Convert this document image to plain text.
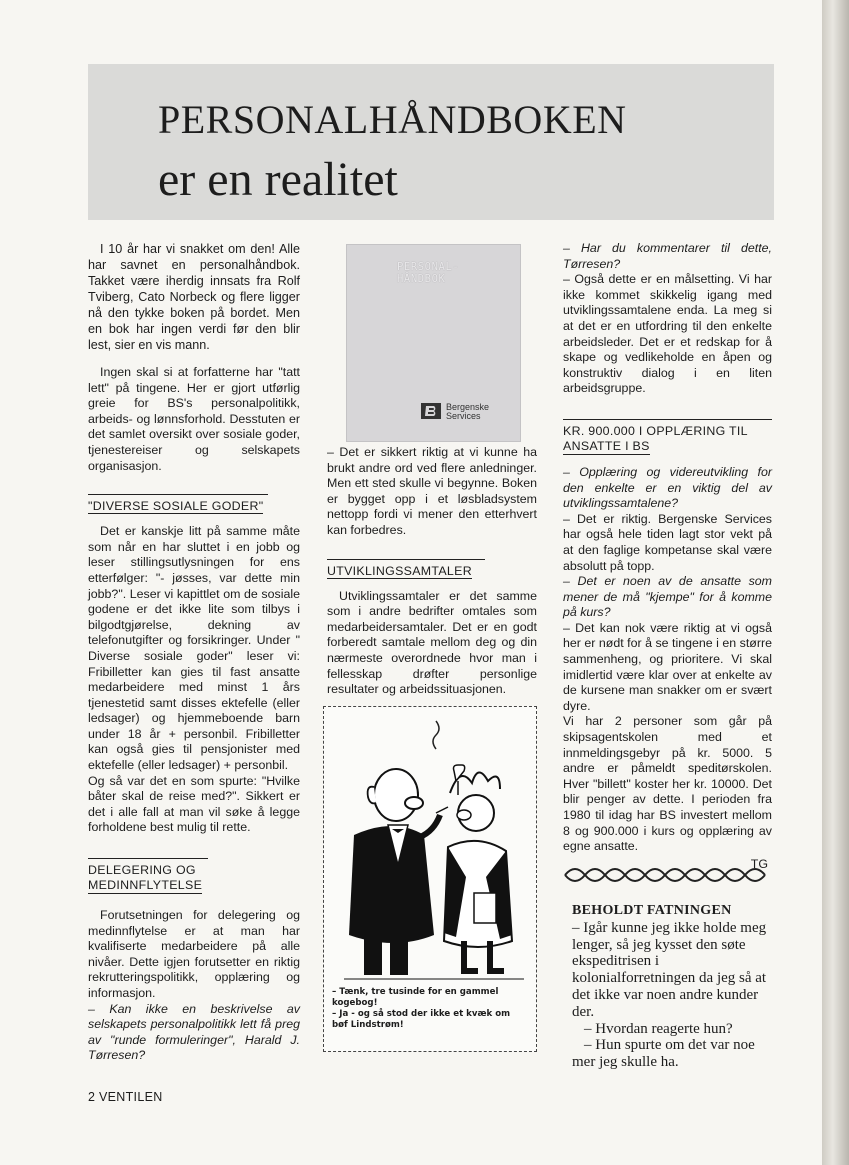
PERSONALHÅNDBOKEN
er en realitet

I 10 år har vi snakket om den! Alle har savnet en personalhåndbok. Takket være iherdig innsats fra Rolf Tviberg, Cato Norbeck og flere ligger nå den tykke boken på bordet. Men en bok har ingen verdi før den blir lest, sier en vis mann.

Ingen skal si at forfatterne har "tatt lett" på tingene. Her er gjort utførlig greie for BS's personalpolitikk, arbeids- og lønnsforhold. Desstuten er det samlet oversikt over sosiale goder, tjenestereiser og selskapets organisasjon.

"DIVERSE SOSIALE GODER"

Det er kanskje litt på samme måte som når en har sluttet i en jobb og leser stillingsutlysningen for ens etterfølger: "- jøsses, var dette min jobb?". Leser vi kapittlet om de sosiale godene er det ikke lite som tilbys i bilgodtgjørelse, dekning av telefonutgifter og forsikringer. Under " Diverse sosiale goder" leser vi: Fribilletter kan gies til fast ansatte medarbeidere med minst 1 års tjenestetid samt disses ektefelle (eller ledsager) og hjemmeboende barn under 18 år + personbil. Fribilletter kan også gies til pensjonister med ektefelle (eller ledsager) + personbil.

Og så var det en som spurte: "Hvilke båter skal de reise med?". Sikkert er det i alle fall at man vil søke å legge forholdene best mulig til rette.

DELEGERING OG
MEDINNFLYTELSE

Forutsetningen for delegering og medinnflytelse er at man har kvalifiserte medarbeidere på alle nivåer. Dette igjen forutsetter en riktig rekrutteringspolitikk, opplæring og informasjon.

– Kan ikke en beskrivelse av selskapets personalpolitikk lett få preg av "runde formuleringer", Harald J. Tørresen?

PERSONAL-
HÅNDBOK
Bergenske
Services

– Det er sikkert riktig at vi kunne ha brukt andre ord ved flere anledninger. Men ett sted skulle vi begynne. Boken er bygget opp i et løsbladsystem nettopp fordi vi mener den etterhvert kan forbedres.

UTVIKLINGSSAMTALER

Utviklingssamtaler er det samme som i andre bedrifter omtales som medarbeidersamtaler. Det er en godt forberedt samtale mellom deg og din nærmeste overordnede hvor man i fellesskap drøfter personlige resultater og arbeidssituasjonen.

– Tænk, tre tusinde for en gammel kogebog!

– Ja - og så stod der ikke et kvæk om bøf Lindstrøm!

– Har du kommentarer til dette, Tørresen?

– Også dette er en målsetting. Vi har ikke kommet skikkelig igang med utviklingssamtalene enda. La meg si at det er en utfordring til den enkelte arbeidsleder. Det er et redskap for å skape og vedlikeholde en åpen og konstruktiv dialog i en liten arbeidsgruppe.

KR. 900.000 I OPPLÆRING TIL
ANSATTE I BS

– Opplæring og videreutvikling for den enkelte er en viktig del av utviklingssamtalene?

– Det er riktig. Bergenske Services har også hele tiden lagt stor vekt på at den faglige kompetanse skal være absolutt på topp.

– Det er noen av de ansatte som mener de må "kjempe" for å komme på kurs?

– Det kan nok være riktig at vi også her er nødt for å se tingene i en større sammenheng, og prioritere. Vi skal imidlertid være klar over at enkelte av de kursene man snakker om er svært dyre.

Vi har 2 personer som går på skipsagentskolen med et innmeldingsgebyr på kr. 5000. 5 andre er påmeldt speditørskolen. Hver "billett" koster her kr. 10000. Det blir penger av dette. I perioden fra 1980 til idag har BS investert mellom 8 og 900.000 i kurs og opplæring av egne ansatte.

TG
BEHOLDT FATNINGEN

– Igår kunne jeg ikke holde meg lenger, så jeg kysset den søte ekspeditrisen i kolonialforretningen da jeg så at det ikke var noen andre kunder der.

– Hvordan reagerte hun?

– Hun spurte om det var noe mer jeg skulle ha.

2 VENTILEN
